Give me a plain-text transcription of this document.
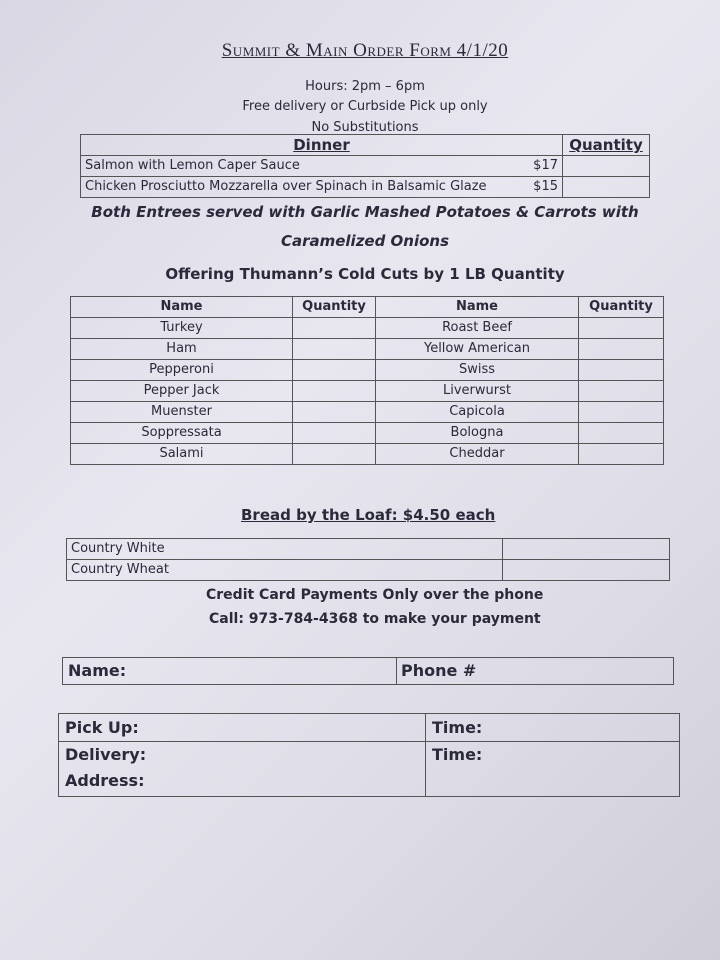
Summit & Main Order Form 4/1/20
Hours: 2pm – 6pm
Free delivery or Curbside Pick up only
No Substitutions
Dinner		Quantity
Salmon with Lemon Caper Sauce	$17	
Chicken Prosciutto Mozzarella over Spinach in Balsamic Glaze	$15	
Both Entrees served with Garlic Mashed Potatoes & Carrots with
Caramelized Onions
Offering Thumann’s Cold Cuts by 1 LB Quantity
Name	Quantity	Name	Quantity
Turkey		Roast Beef	
Ham		Yellow American	
Pepperoni		Swiss	
Pepper Jack		Liverwurst	
Muenster		Capicola	
Soppressata		Bologna	
Salami		Cheddar	
Bread by the Loaf: $4.50 each
Country White	
Country Wheat	
Credit Card Payments Only over the phone
Call: 973-784-4368 to make your payment
Name:	Phone #
Pick Up:	Time:
Delivery:	Time:
Address:
